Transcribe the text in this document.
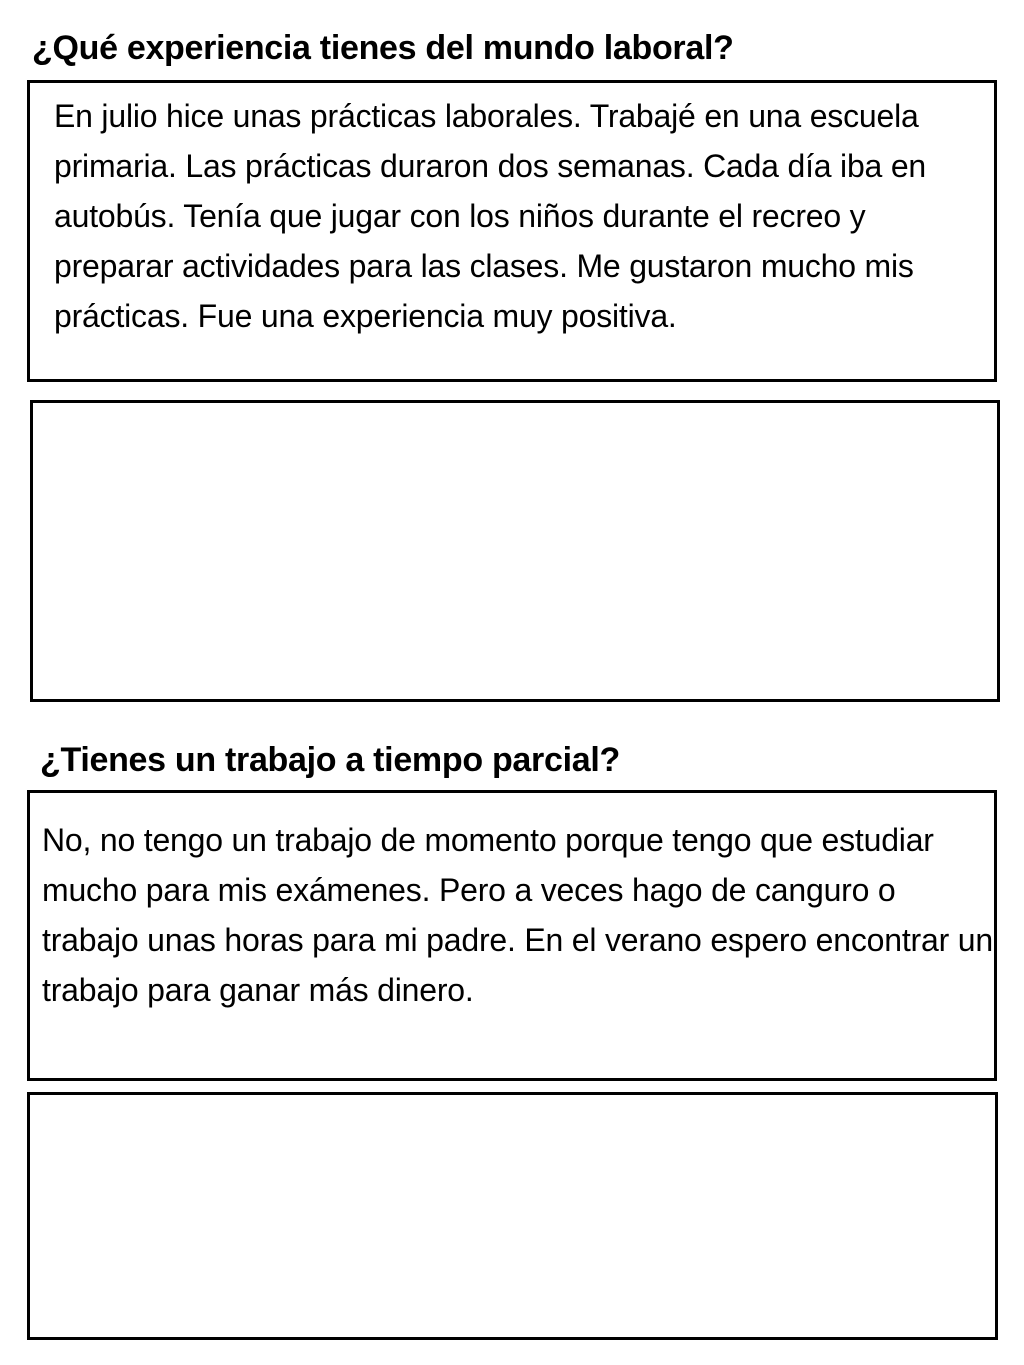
¿Qué experiencia tienes del mundo laboral?

En julio hice unas prácticas laborales. Trabajé en una escuela primaria. Las prácticas duraron dos semanas. Cada día iba en autobús. Tenía que jugar con los niños durante el recreo y preparar actividades para las clases. Me gustaron mucho mis prácticas. Fue una experiencia muy positiva.

¿Tienes un trabajo a tiempo parcial?

No, no tengo un trabajo de momento porque tengo que estudiar mucho para mis exámenes. Pero a veces hago de canguro o trabajo unas horas para mi padre. En el verano espero encontrar un trabajo para ganar más dinero.
